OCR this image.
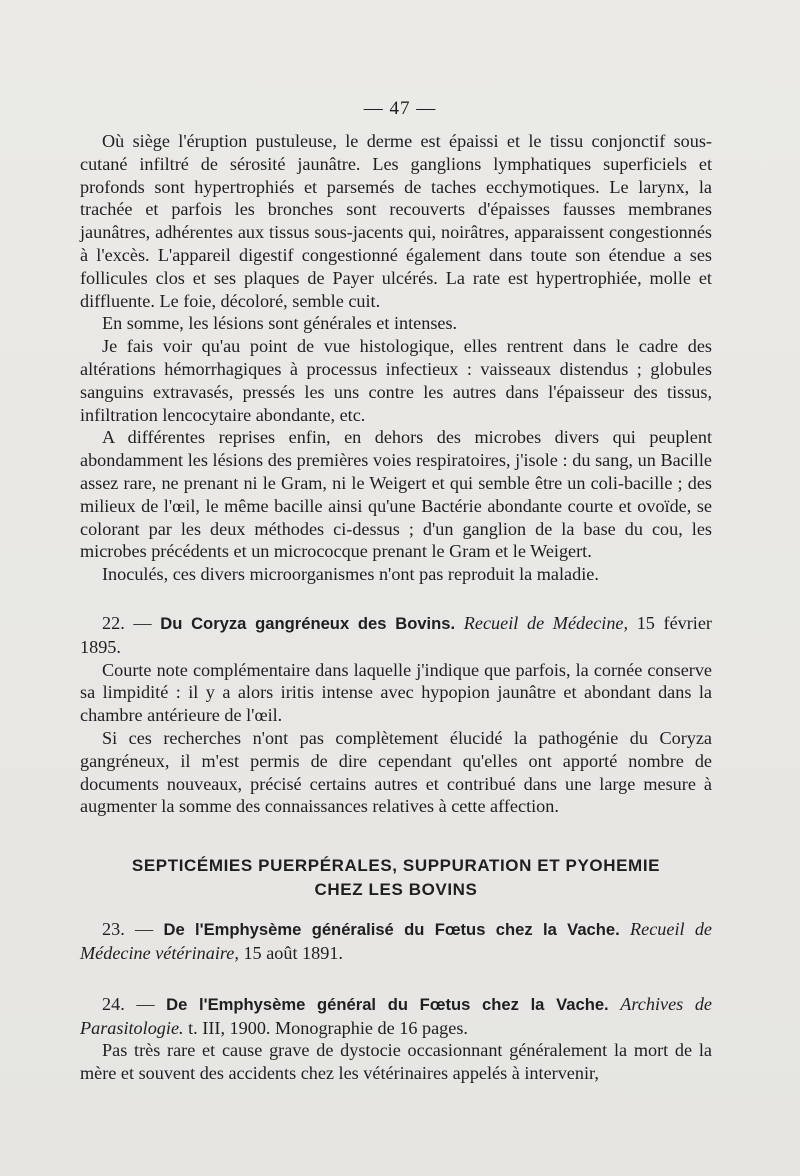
— 47 —

Où siège l'éruption pustuleuse, le derme est épaissi et le tissu conjonctif sous-cutané infiltré de sérosité jaunâtre. Les ganglions lymphatiques superficiels et profonds sont hypertrophiés et parsemés de taches ecchymotiques. Le larynx, la trachée et parfois les bronches sont recouverts d'épaisses fausses membranes jaunâtres, adhérentes aux tissus sous-jacents qui, noirâtres, apparaissent congestionnés à l'excès. L'appareil digestif congestionné également dans toute son étendue a ses follicules clos et ses plaques de Payer ulcérés. La rate est hypertrophiée, molle et diffluente. Le foie, décoloré, semble cuit.

En somme, les lésions sont générales et intenses.

Je fais voir qu'au point de vue histologique, elles rentrent dans le cadre des altérations hémorrhagiques à processus infectieux : vaisseaux distendus ; globules sanguins extravasés, pressés les uns contre les autres dans l'épaisseur des tissus, infiltration lencocytaire abondante, etc.

A différentes reprises enfin, en dehors des microbes divers qui peuplent abondamment les lésions des premières voies respiratoires, j'isole : du sang, un Bacille assez rare, ne prenant ni le Gram, ni le Weigert et qui semble être un coli-bacille ; des milieux de l'œil, le même bacille ainsi qu'une Bactérie abondante courte et ovoïde, se colorant par les deux méthodes ci-dessus ; d'un ganglion de la base du cou, les microbes précédents et un micrococque prenant le Gram et le Weigert.

Inoculés, ces divers microorganismes n'ont pas reproduit la maladie.

22. — Du Coryza gangréneux des Bovins. Recueil de Médecine, 15 février 1895.

Courte note complémentaire dans laquelle j'indique que parfois, la cornée conserve sa limpidité : il y a alors iritis intense avec hypopion jaunâtre et abondant dans la chambre antérieure de l'œil.

Si ces recherches n'ont pas complètement élucidé la pathogénie du Coryza gangréneux, il m'est permis de dire cependant qu'elles ont apporté nombre de documents nouveaux, précisé certains autres et contribué dans une large mesure à augmenter la somme des connaissances relatives à cette affection.

SEPTICÉMIES PUERPÉRALES, SUPPURATION ET PYOHEMIE
CHEZ LES BOVINS

23. — De l'Emphysème généralisé du Fœtus chez la Vache. Recueil de Médecine vétérinaire, 15 août 1891.

24. — De l'Emphysème général du Fœtus chez la Vache. Archives de Parasitologie. t. III, 1900. Monographie de 16 pages.

Pas très rare et cause grave de dystocie occasionnant généralement la mort de la mère et souvent des accidents chez les vétérinaires appelés à intervenir,
